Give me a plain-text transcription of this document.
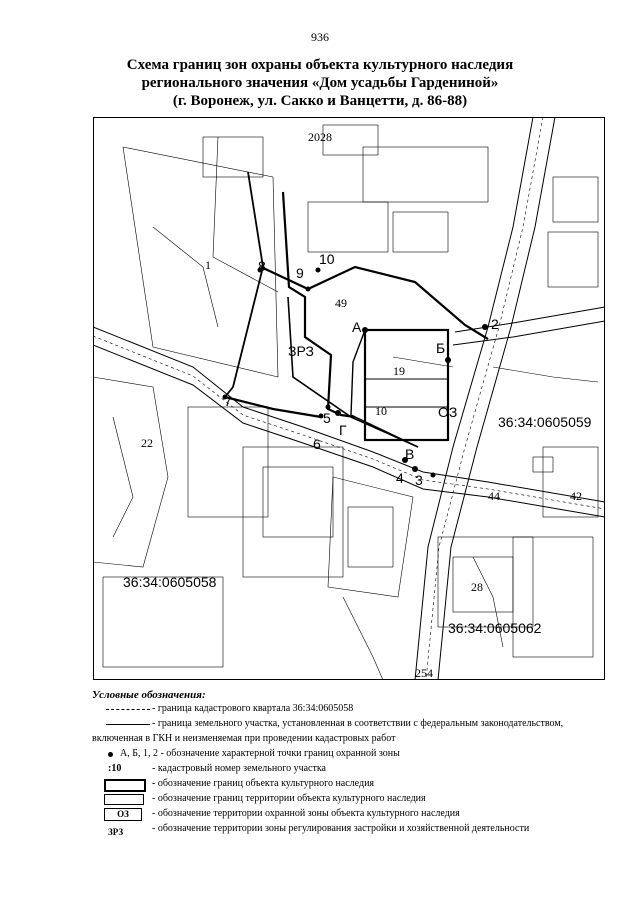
936
Схема границ зон охраны объекта культурного наследия
регионального значения «Дом усадьбы Гардениной»
(г. Воронеж, ул. Сакко и Ванцетти, д. 86-88)
8 9
10
А
Б
В
Г
2
3
4
5
6
7
ЗРЗ
ОЗ
36:34:0605059
36:34:0605058
36:34:0605062
2028
49
19
10
22
44	42
28
1
254
Условные обозначения:
- граница кадастрового квартала 36:34:0605058
- граница земельного участка, установленная в соответствии с федеральным законодательством,
включенная в ГКН и неизменяемая при проведении кадастровых работ
А, Б, 1, 2 - обозначение характерной точки границ охранной зоны
:10	- кадастровый номер земельного участка
- обозначение границ объекта культурного наследия
- обозначение границ территории объекта культурного наследия
ОЗ	- обозначение территории охранной зоны объекта культурного наследия
ЗРЗ	- обозначение территории зоны регулирования застройки и хозяйственной деятельности
